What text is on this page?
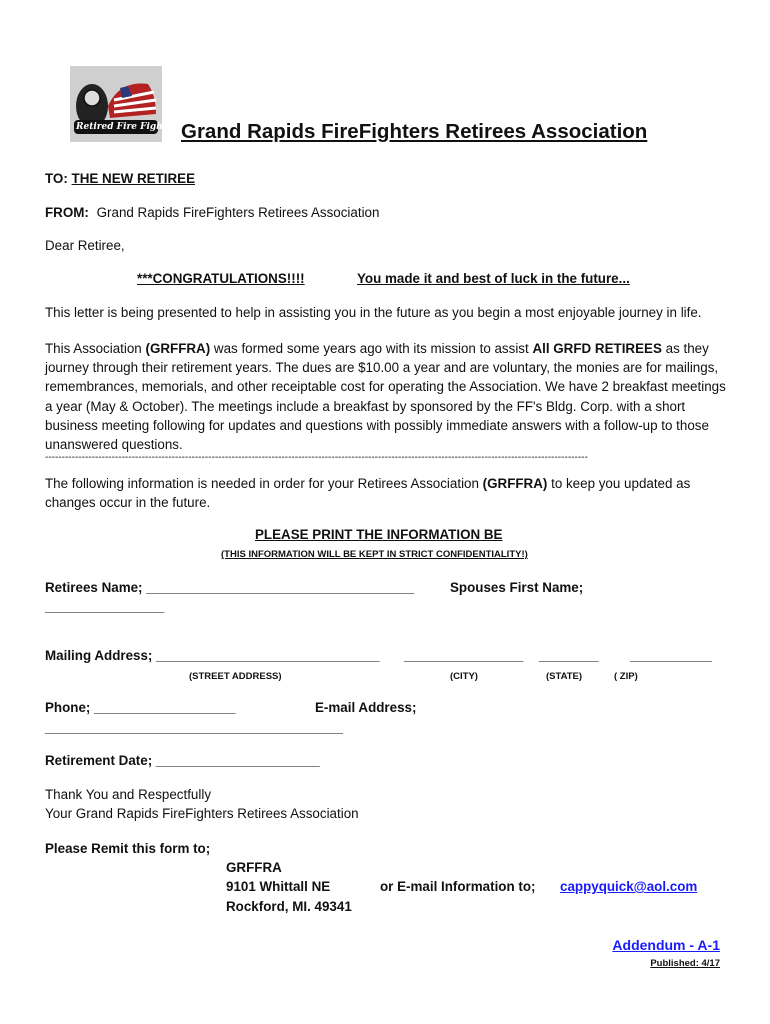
Retired Fire Fighter Grand Rapids FireFighters Retirees Association
TO: THE NEW RETIREE
FROM: Grand Rapids FireFighters Retirees Association
Dear Retiree,
***CONGRATULATIONS!!!!	You made it and best of luck in the future...
This letter is being presented to help in assisting you in the future as you begin a most enjoyable journey in life.
This Association (GRFFRA) was formed some years ago with its mission to assist All GRFD RETIREES as they journey through their retirement years. The dues are $10.00 a year and are voluntary, the monies are for mailings, remembrances, memorials, and other receiptable cost for operating the Association. We have 2 breakfast meetings a year (May & October). The meetings include a breakfast by sponsored by the FF's Bldg. Corp. with a short business meeting following for updates and questions with possibly immediate answers with a follow-up to those unanswered questions.
-------------------------------------------------------------------------------------------------------------------------------------------------------------------
The following information is needed in order for your Retirees Association (GRFFRA) to keep you updated as changes occur in the future.
PLEASE PRINT THE INFORMATION BE
(THIS INFORMATION WILL BE KEPT IN STRICT CONFIDENTIALITY!)
Retirees Name; ____________________________________	Spouses First Name;
________________
Mailing Address; ______________________________ ________________ ________ ___________
(STREET ADDRESS)	(CITY)	(STATE)	( ZIP)
Phone; ___________________	E-mail Address;
________________________________________
Retirement Date; ______________________
Thank You and Respectfully
Your Grand Rapids FireFighters Retirees Association
Please Remit this form to;
GRFFRA
9101 Whittall NE	or E-mail Information to; cappyquick@aol.com
Rockford, MI. 49341
Addendum - A-1
Published: 4/17
